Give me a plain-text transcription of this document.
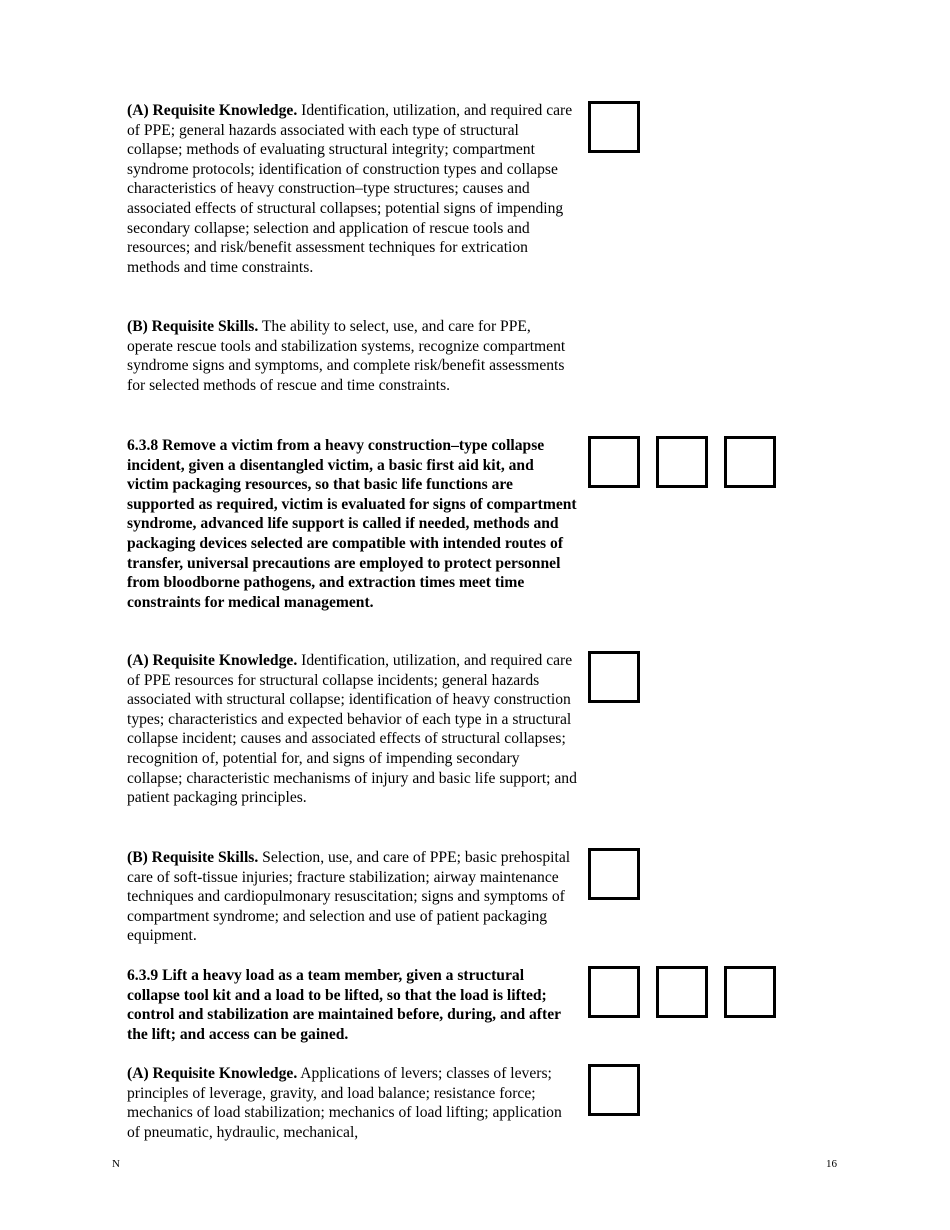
(A) Requisite Knowledge. Identification, utilization, and required care of PPE; general hazards associated with each type of structural collapse; methods of evaluating structural integrity; compartment syndrome protocols; identification of construction types and collapse characteristics of heavy construction–type structures; causes and associated effects of structural collapses; potential signs of impending secondary collapse; selection and application of rescue tools and resources; and risk/benefit assessment techniques for extrication methods and time constraints.

(B) Requisite Skills. The ability to select, use, and care for PPE, operate rescue tools and stabilization systems, recognize compartment syndrome signs and symptoms, and complete risk/benefit assessments for selected methods of rescue and time constraints.

6.3.8 Remove a victim from a heavy construction–type collapse incident, given a disentangled victim, a basic first aid kit, and victim packaging resources, so that basic life functions are supported as required, victim is evaluated for signs of compartment syndrome, advanced life support is called if needed, methods and packaging devices selected are compatible with intended routes of transfer, universal precautions are employed to protect personnel from bloodborne pathogens, and extraction times meet time constraints for medical management.

(A) Requisite Knowledge. Identification, utilization, and required care of PPE resources for structural collapse incidents; general hazards associated with structural collapse; identification of heavy construction types; characteristics and expected behavior of each type in a structural collapse incident; causes and associated effects of structural collapses; recognition of, potential for, and signs of impending secondary collapse; characteristic mechanisms of injury and basic life support; and patient packaging principles.

(B) Requisite Skills. Selection, use, and care of PPE; basic prehospital care of soft-tissue injuries; fracture stabilization; airway maintenance techniques and cardiopulmonary resuscitation; signs and symptoms of compartment syndrome; and selection and use of patient packaging equipment.

6.3.9 Lift a heavy load as a team member, given a structural collapse tool kit and a load to be lifted, so that the load is lifted; control and stabilization are maintained before, during, and after the lift; and access can be gained.

(A) Requisite Knowledge. Applications of levers; classes of levers; principles of leverage, gravity, and load balance; resistance force; mechanics of load stabilization; mechanics of load lifting; application of pneumatic, hydraulic, mechanical,

N	16
